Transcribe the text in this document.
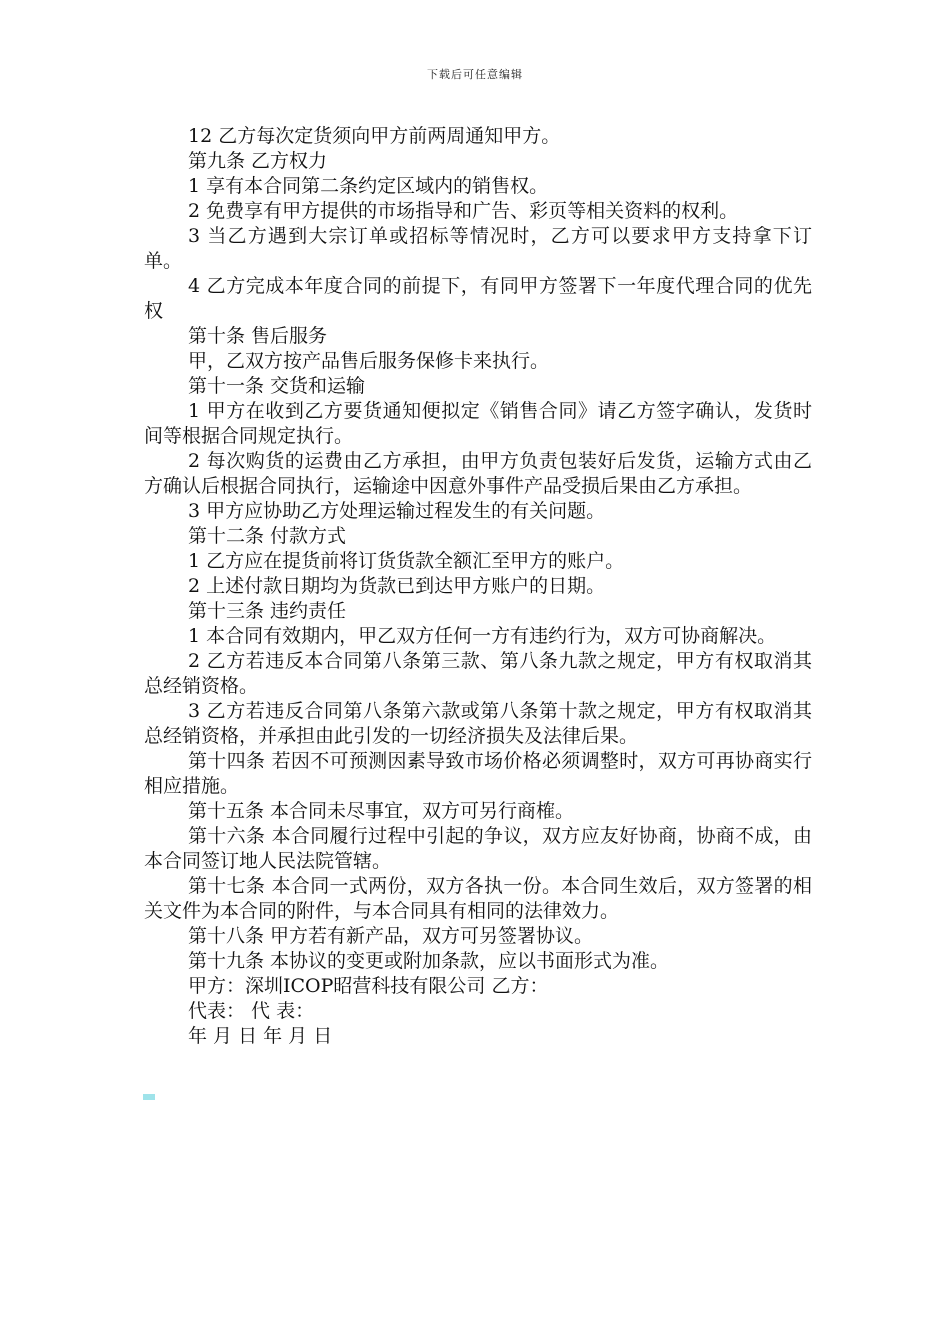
下载后可任意编辑

12 乙方每次定货须向甲方前两周通知甲方。

第九条 乙方权力

1 享有本合同第二条约定区域内的销售权。

2 免费享有甲方提供的市场指导和广告、彩页等相关资料的权利。

3 当乙方遇到大宗订单或招标等情况时，乙方可以要求甲方支持拿下订单。

4 乙方完成本年度合同的前提下，有同甲方签署下一年度代理合同的优先权

第十条 售后服务

甲，乙双方按产品售后服务保修卡来执行。

第十一条 交货和运输

1 甲方在收到乙方要货通知便拟定《销售合同》请乙方签字确认，发货时间等根据合同规定执行。

2 每次购货的运费由乙方承担，由甲方负责包装好后发货，运输方式由乙方确认后根据合同执行，运输途中因意外事件产品受损后果由乙方承担。

3 甲方应协助乙方处理运输过程发生的有关问题。

第十二条 付款方式

1 乙方应在提货前将订货货款全额汇至甲方的账户。

2 上述付款日期均为货款已到达甲方账户的日期。

第十三条 违约责任

1 本合同有效期内，甲乙双方任何一方有违约行为，双方可协商解决。

2 乙方若违反本合同第八条第三款、第八条九款之规定，甲方有权取消其总经销资格。

3 乙方若违反合同第八条第六款或第八条第十款之规定，甲方有权取消其总经销资格，并承担由此引发的一切经济损失及法律后果。

第十四条 若因不可预测因素导致市场价格必须调整时，双方可再协商实行相应措施。

第十五条 本合同未尽事宜，双方可另行商榷。

第十六条 本合同履行过程中引起的争议，双方应友好协商，协商不成，由本合同签订地人民法院管辖。

第十七条 本合同一式两份，双方各执一份。本合同生效后，双方签署的相关文件为本合同的附件，与本合同具有相同的法律效力。

第十八条 甲方若有新产品，双方可另签署协议。

第十九条 本协议的变更或附加条款，应以书面形式为准。

甲方：深圳ICOP昭营科技有限公司 乙方：

代表： 代 表：

年 月 日 年 月 日
